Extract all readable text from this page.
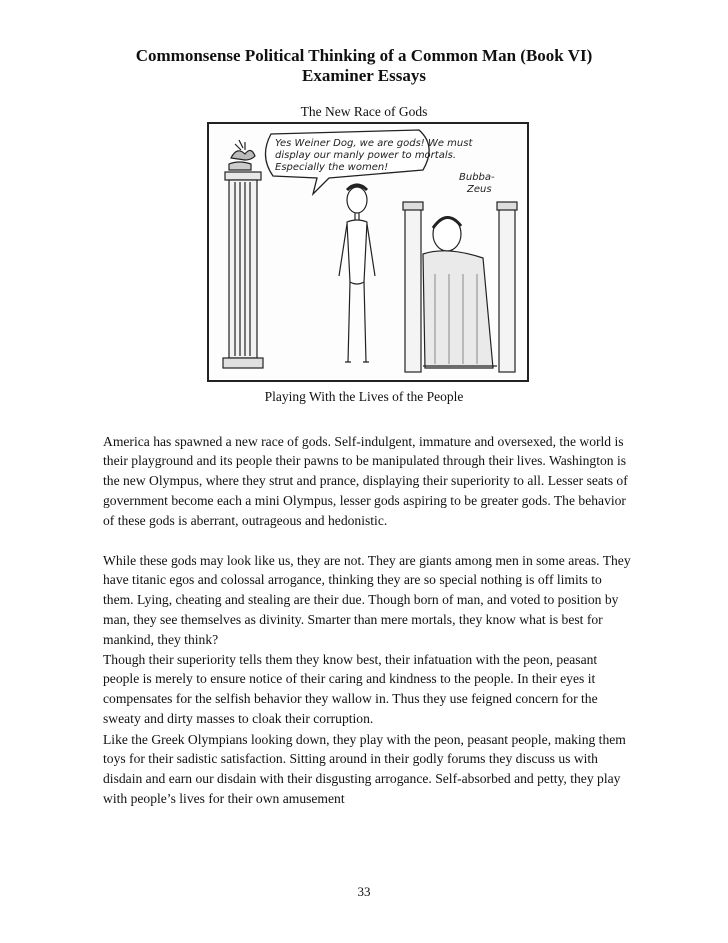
Commonsense Political Thinking of a Common Man (Book VI)
Examiner Essays
The New Race of Gods
Yes Weiner Dog, we are gods! We must
display our manly power to mortals.
Especially the women!
Bubba-
Zeus
Playing With the Lives of the People

America has spawned a new race of gods. Self-indulgent, immature and oversexed, the world is their playground and its people their pawns to be manipulated through their lives. Washington is the new Olympus, where they strut and prance, displaying their superiority to all. Lesser seats of government become each a mini Olympus, lesser gods aspiring to be greater gods. The behavior of these gods is aberrant, outrageous and hedonistic.

While these gods may look like us, they are not. They are giants among men in some areas. They have titanic egos and colossal arrogance, thinking they are so special nothing is off limits to them. Lying, cheating and stealing are their due. Though born of man, and voted to position by man, they see themselves as divinity. Smarter than mere mortals, they know what is best for mankind, they think?

Though their superiority tells them they know best, their infatuation with the peon, peasant people is merely to ensure notice of their caring and kindness to the people. In their eyes it compensates for the selfish behavior they wallow in. Thus they use feigned concern for the sweaty and dirty masses to cloak their corruption.

Like the Greek Olympians looking down, they play with the peon, peasant people, making them toys for their sadistic satisfaction. Sitting around in their godly forums they discuss us with disdain and earn our disdain with their disgusting arrogance. Self-absorbed and petty, they play with people’s lives for their own amusement

33
